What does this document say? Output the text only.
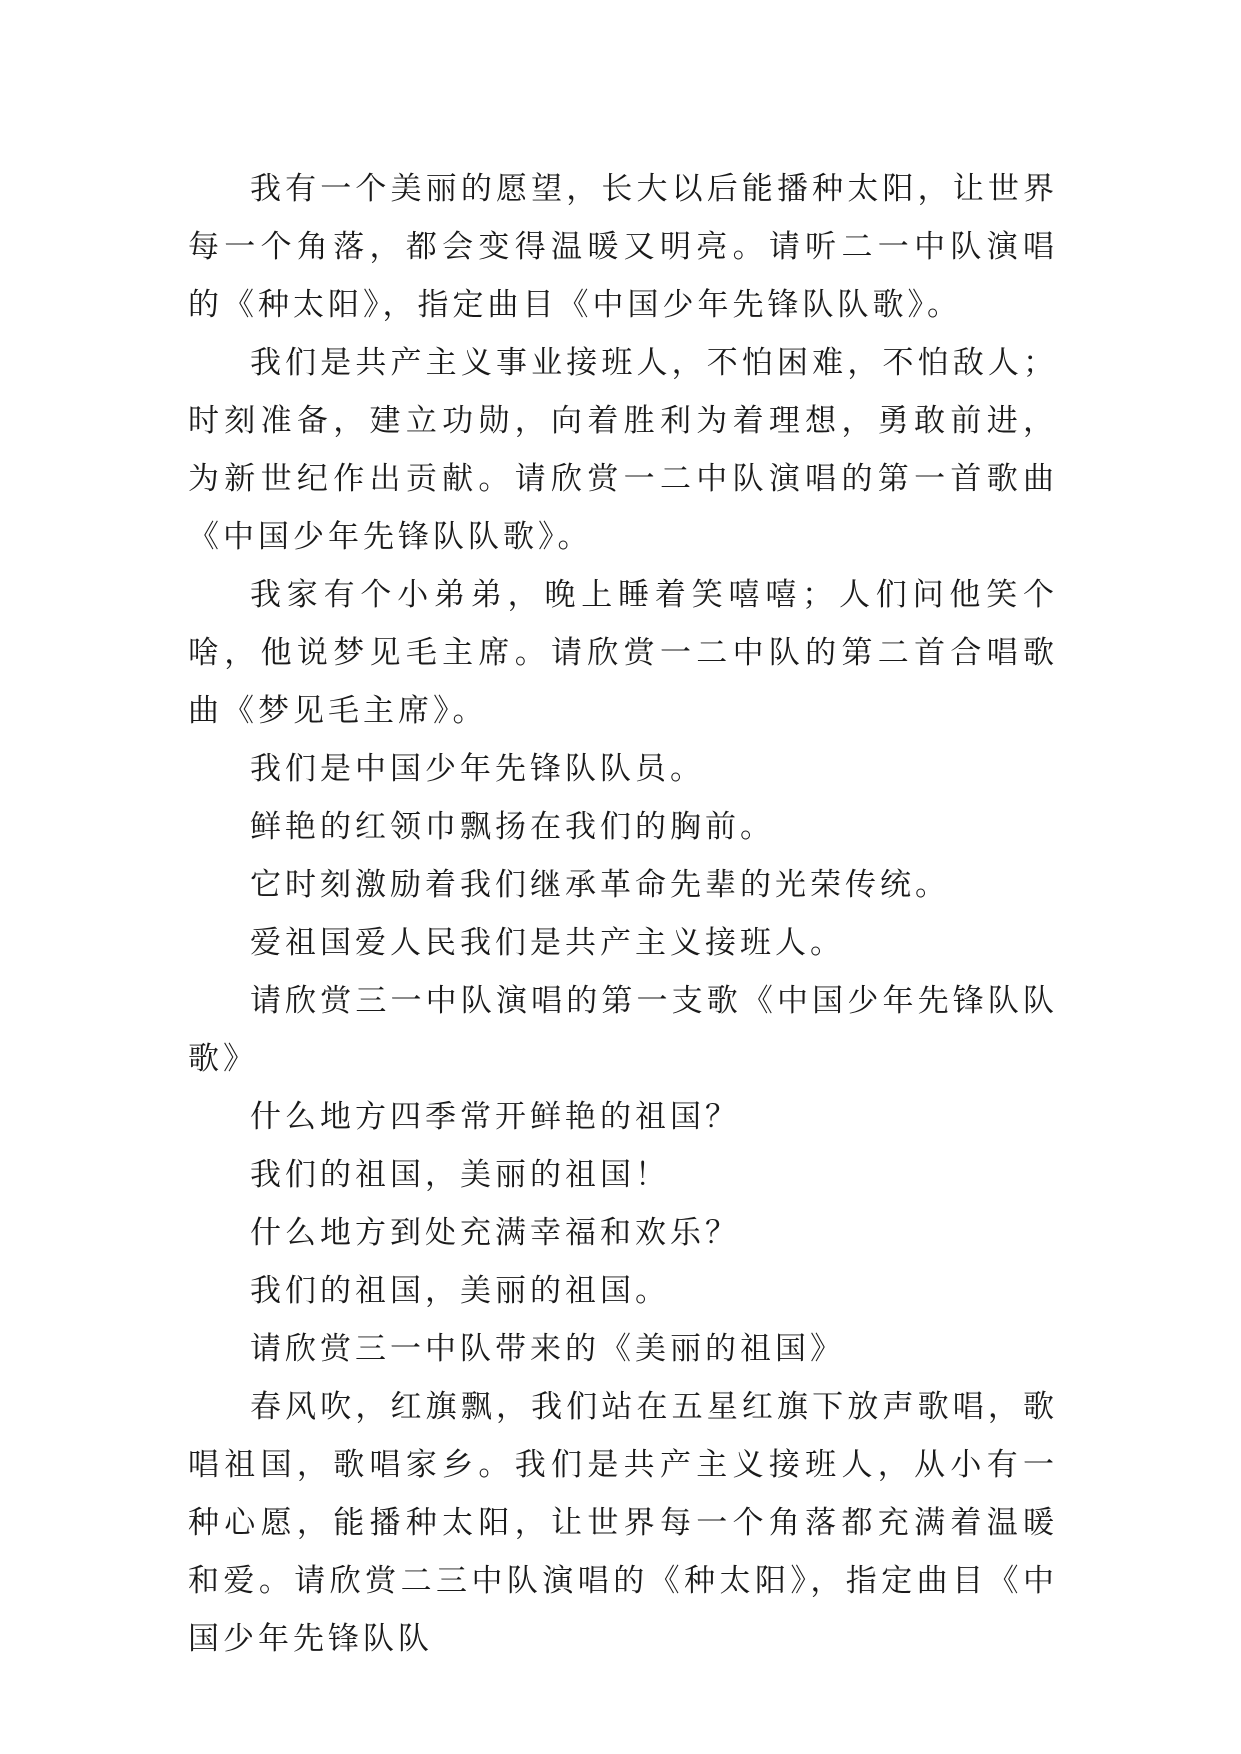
我有一个美丽的愿望，长大以后能播种太阳，让世界每一个角落，都会变得温暖又明亮。请听二一中队演唱的《种太阳》，指定曲目《中国少年先锋队队歌》。

我们是共产主义事业接班人，不怕困难，不怕敌人；时刻准备，建立功勋，向着胜利为着理想，勇敢前进，为新世纪作出贡献。请欣赏一二中队演唱的第一首歌曲《中国少年先锋队队歌》。

我家有个小弟弟，晚上睡着笑嘻嘻；人们问他笑个啥，他说梦见毛主席。请欣赏一二中队的第二首合唱歌曲《梦见毛主席》。

我们是中国少年先锋队队员。

鲜艳的红领巾飘扬在我们的胸前。

它时刻激励着我们继承革命先辈的光荣传统。

爱祖国爱人民我们是共产主义接班人。

请欣赏三一中队演唱的第一支歌《中国少年先锋队队歌》

什么地方四季常开鲜艳的祖国？

我们的祖国，美丽的祖国！

什么地方到处充满幸福和欢乐？

我们的祖国，美丽的祖国。

请欣赏三一中队带来的《美丽的祖国》

春风吹，红旗飘，我们站在五星红旗下放声歌唱，歌唱祖国，歌唱家乡。我们是共产主义接班人，从小有一种心愿，能播种太阳，让世界每一个角落都充满着温暖和爱。请欣赏二三中队演唱的《种太阳》，指定曲目《中国少年先锋队队
